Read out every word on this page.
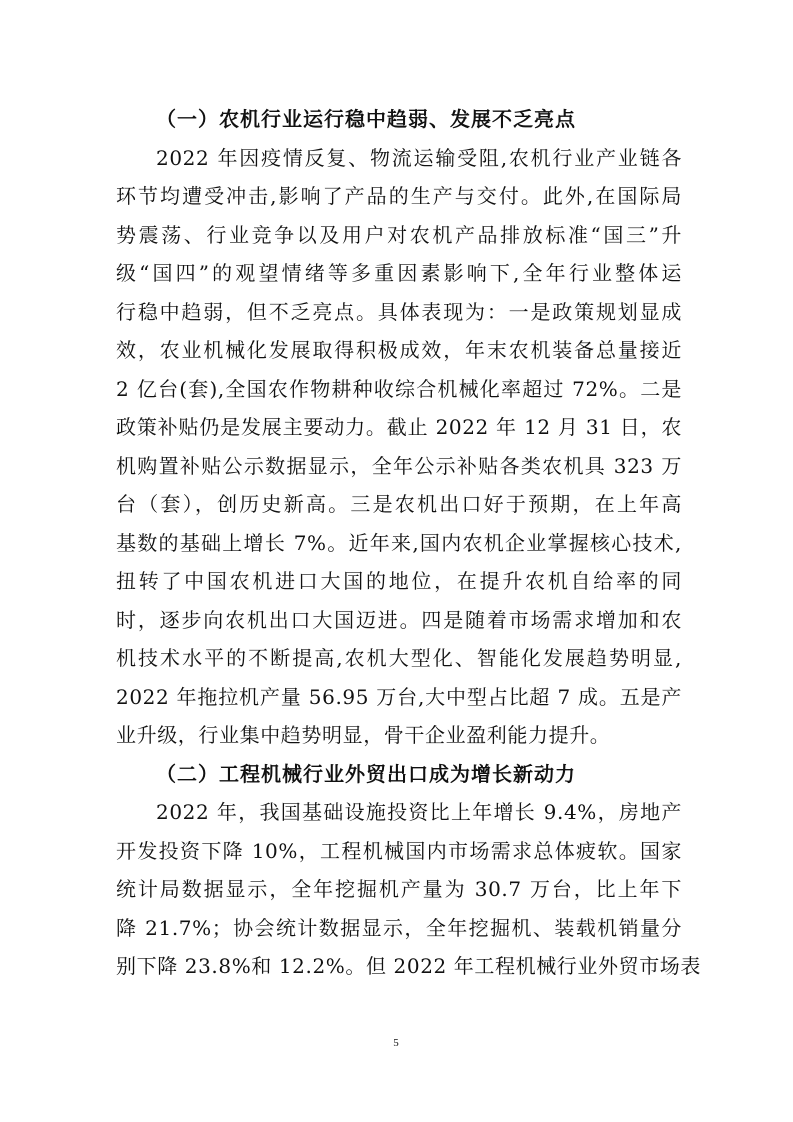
（一）农机行业运行稳中趋弱、发展不乏亮点
2022 年因疫情反复、物流运输受阻,农机行业产业链各
环节均遭受冲击,影响了产品的生产与交付。此外,在国际局
势震荡、行业竞争以及用户对农机产品排放标准“国三”升
级“国四”的观望情绪等多重因素影响下,全年行业整体运
行稳中趋弱，但不乏亮点。具体表现为：一是政策规划显成
效，农业机械化发展取得积极成效，年末农机装备总量接近
2 亿台(套),全国农作物耕种收综合机械化率超过 72%。二是
政策补贴仍是发展主要动力。截止 2022 年 12 月 31 日，农
机购置补贴公示数据显示，全年公示补贴各类农机具 323 万
台（套），创历史新高。三是农机出口好于预期，在上年高
基数的基础上增长 7%。近年来,国内农机企业掌握核心技术,
扭转了中国农机进口大国的地位，在提升农机自给率的同
时，逐步向农机出口大国迈进。四是随着市场需求增加和农
机技术水平的不断提高,农机大型化、智能化发展趋势明显,
2022 年拖拉机产量 56.95 万台,大中型占比超 7 成。五是产
业升级，行业集中趋势明显，骨干企业盈利能力提升。
（二）工程机械行业外贸出口成为增长新动力
2022 年，我国基础设施投资比上年增长 9.4%，房地产
开发投资下降 10%，工程机械国内市场需求总体疲软。国家
统计局数据显示，全年挖掘机产量为 30.7 万台，比上年下
降 21.7%；协会统计数据显示，全年挖掘机、装载机销量分
别下降 23.8%和 12.2%。但 2022 年工程机械行业外贸市场表
5
